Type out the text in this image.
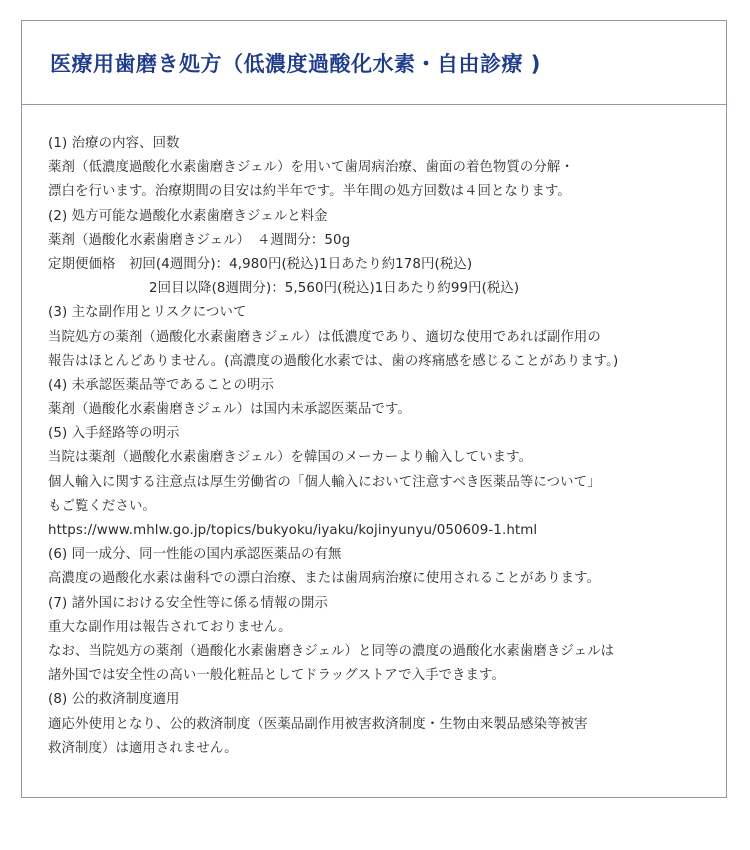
医療用歯磨き処方（低濃度過酸化水素・自由診療 )
(1) 治療の内容、回数
薬剤（低濃度過酸化水素歯磨きジェル）を用いて歯周病治療、歯面の着色物質の分解・
漂白を行います。治療期間の目安は約半年です。半年間の処方回数は４回となります。
(2) 処方可能な過酸化水素歯磨きジェルと料金
薬剤（過酸化水素歯磨きジェル）　４週間分：50g
定期便価格　初回(4週間分)：4,980円(税込)1日あたり約178円(税込)
2回目以降(8週間分)：5,560円(税込)1日あたり約99円(税込)
(3) 主な副作用とリスクについて
当院処方の薬剤（過酸化水素歯磨きジェル）は低濃度であり、適切な使用であれば副作用の
報告はほとんどありません。(高濃度の過酸化水素では、歯の疼痛感を感じることがあります。)
(4) 未承認医薬品等であることの明示
薬剤（過酸化水素歯磨きジェル）は国内未承認医薬品です。
(5) 入手経路等の明示
当院は薬剤（過酸化水素歯磨きジェル）を韓国のメーカーより輸入しています。
個人輸入に関する注意点は厚生労働省の「個人輸入において注意すべき医薬品等について」
もご覧ください。
https://www.mhlw.go.jp/topics/bukyoku/iyaku/kojinyunyu/050609-1.html
(6) 同一成分、同一性能の国内承認医薬品の有無
高濃度の過酸化水素は歯科での漂白治療、または歯周病治療に使用されることがあります。
(7) 諸外国における安全性等に係る情報の開示
重大な副作用は報告されておりません。
なお、当院処方の薬剤（過酸化水素歯磨きジェル）と同等の濃度の過酸化水素歯磨きジェルは
諸外国では安全性の高い一般化粧品としてドラッグストアで入手できます。
(8) 公的救済制度適用
適応外使用となり、公的救済制度（医薬品副作用被害救済制度・生物由来製品感染等被害
救済制度）は適用されません。
